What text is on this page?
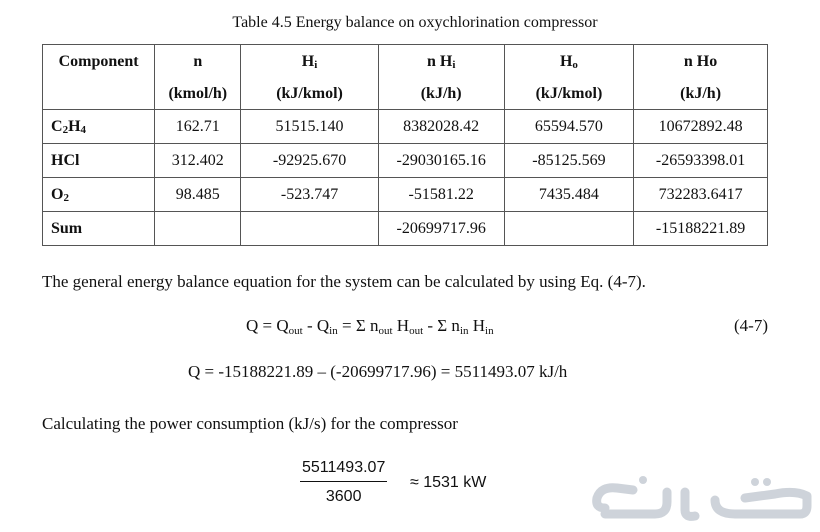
Table 4.5 Energy balance on oxychlorination compressor
Component	n	Hi	n Hi	Ho	n Ho
	(kmol/h)	(kJ/kmol)	(kJ/h)	(kJ/kmol)	(kJ/h)
C2H4	162.71	51515.140	8382028.42	65594.570	10672892.48
HCl	312.402	-92925.670	-29030165.16	-85125.569	-26593398.01
O2	98.485	-523.747	-51581.22	7435.484	732283.6417
Sum			-20699717.96		-15188221.89
The general energy balance equation for the system can be calculated by using Eq. (4-7).
Q = Qout - Qin = Σ nout Hout - Σ nin Hin	(4-7)
Q = -15188221.89 – (-20699717.96) = 5511493.07 kJ/h
Calculating the power consumption (kJ/s) for the compressor
$\frac{5511493.07}{3600} \approx 1531$ kW
